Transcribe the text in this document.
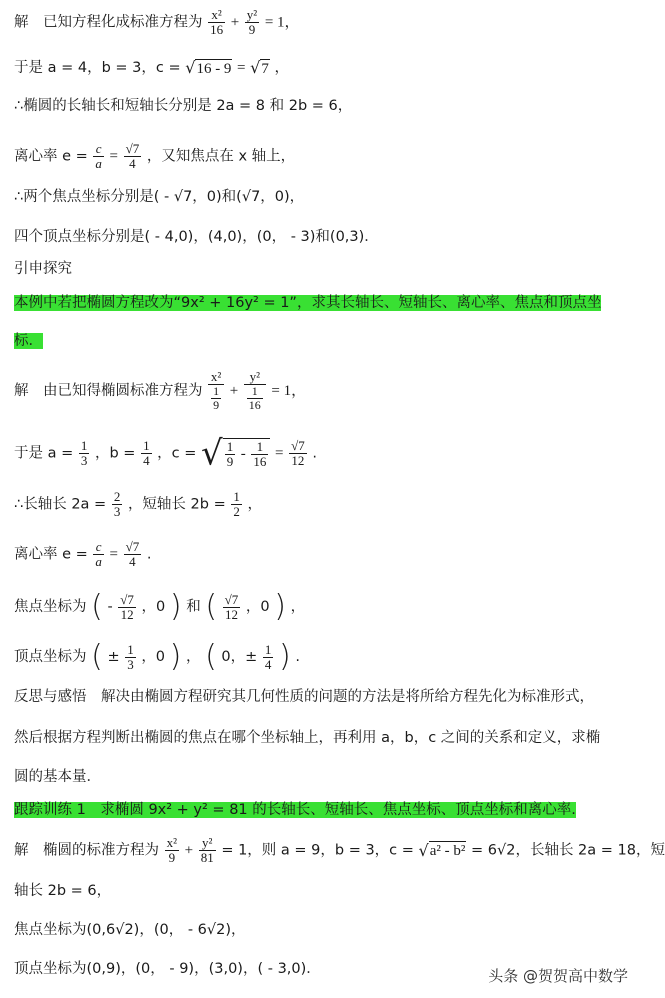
解　已知方程化成标准方程为 $\frac{\text{x²}}{16} + \frac{\text{y²}}{9} = 1$，
于是 a = 4，b = 3，c = √16 - 9 = √7 ，
∴椭圆的长轴长和短轴长分别是 2a = 8 和 2b = 6，
离心率 $e = \frac{c}{a} = \frac{√7}{4}$ ，又知焦点在 x 轴上，
∴两个焦点坐标分别是( - √7，0)和(√7，0)，
四个顶点坐标分别是( - 4,0)，(4,0)，(0， - 3)和(0,3)．
引申探究
本例中若把椭圆方程改为“9x² + 16y² = 1”，求其长轴长、短轴长、离心率、焦点和顶点坐
标．
解　由已知得椭圆标准方程为 $\frac{\text{x²}}{\frac{1}{9}} + \frac{\text{y²}}{\frac{1}{16}} = 1$，
于是 $a = \frac{1}{3}$ ，$b = \frac{1}{4}$ ，c = √ $\frac{1}{9} - \frac{1}{16} = \frac{√7}{12}$ .
∴长轴长 $2a = \frac{2}{3}$ ，短轴长 $2b = \frac{1}{2}$ ，
离心率 $e = \frac{c}{a} = \frac{√7}{4}$ .
焦点坐标为 ( - $\frac{√7}{12}$ ，0 ) 和 ( $\frac{√7}{12}$ ，0 ) ，
顶点坐标为 ( ± $\frac{1}{3}$ ，0 ) ， ( 0，± $\frac{1}{4}$ ) .
反思与感悟　解决由椭圆方程研究其几何性质的问题的方法是将所给方程先化为标准形式，
然后根据方程判断出椭圆的焦点在哪个坐标轴上，再利用 a，b，c 之间的关系和定义，求椭
圆的基本量．
跟踪训练 1　求椭圆 9x² + y² = 81 的长轴长、短轴长、焦点坐标、顶点坐标和离心率.
解　椭圆的标准方程为 $\frac{\text{x²}}{9} + \frac{\text{y²}}{81} = 1$，则 a = 9，b = 3，c = √a² - b² = 6√2，长轴长 2a = 18，短
轴长 2b = 6，
焦点坐标为(0,6√2)，(0， - 6√2)，
顶点坐标为(0,9)，(0， - 9)，(3,0)，( - 3,0)．	头条 @贺贺高中数学
